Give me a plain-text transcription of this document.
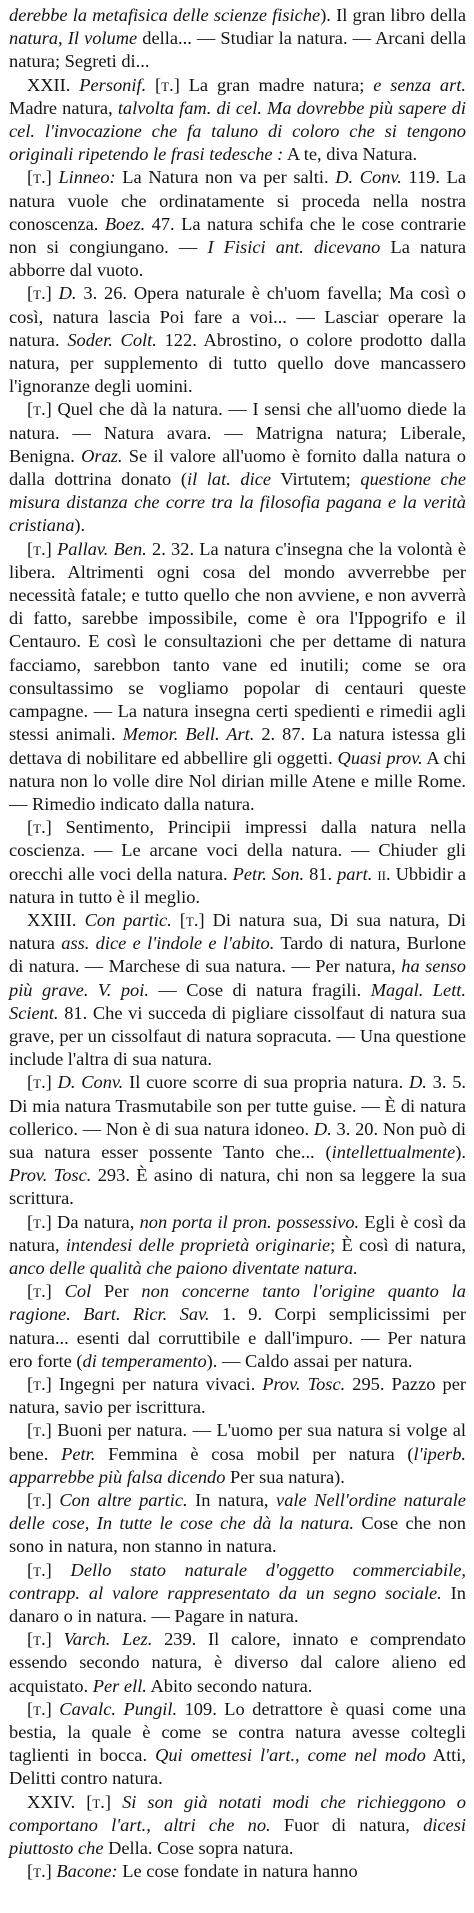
derebbe la metafisica delle scienze fisiche). Il gran libro della natura, Il volume della... — Studiar la natura. — Arcani della natura; Segreti di...

XXII. Personif. [t.] La gran madre natura; e senza art. Madre natura, talvolta fam. di cel. Ma dovrebbe più sapere di cel. l'invocazione che fa taluno di coloro che si tengono originali ripetendo le frasi tedesche : A te, diva Natura.

[t.] Linneo: La Natura non va per salti. D. Conv. 119. La natura vuole che ordinatamente si proceda nella nostra conoscenza. Boez. 47. La natura schifa che le cose contrarie non si congiungano. — I Fisici ant. dicevano La natura abborre dal vuoto.

[t.] D. 3. 26. Opera naturale è ch'uom favella; Ma così o così, natura lascia Poi fare a voi... — Lasciar operare la natura. Soder. Colt. 122. Abrostino, o colore prodotto dalla natura, per supplemento di tutto quello dove mancassero l'ignoranze degli uomini.

[t.] Quel che dà la natura. — I sensi che all'uomo diede la natura. — Natura avara. — Matrigna natura; Liberale, Benigna. Oraz. Se il valore all'uomo è fornito dalla natura o dalla dottrina donato (il lat. dice Virtutem; questione che misura distanza che corre tra la filosofia pagana e la verità cristiana).

[t.] Pallav. Ben. 2. 32. La natura c'insegna che la volontà è libera. Altrimenti ogni cosa del mondo avverrebbe per necessità fatale; e tutto quello che non avviene, e non avverrà di fatto, sarebbe impossibile, come è ora l'Ippogrifo e il Centauro. E così le consultazioni che per dettame di natura facciamo, sarebbon tanto vane ed inutili; come se ora consultassimo se vogliamo popolar di centauri queste campagne. — La natura insegna certi spedienti e rimedii agli stessi animali. Memor. Bell. Art. 2. 87. La natura istessa gli dettava di nobilitare ed abbellire gli oggetti. Quasi prov. A chi natura non lo volle dire Nol dirian mille Atene e mille Rome. — Rimedio indicato dalla natura.

[t.] Sentimento, Principii impressi dalla natura nella coscienza. — Le arcane voci della natura. — Chiuder gli orecchi alle voci della natura. Petr. Son. 81. part. ii. Ubbidir a natura in tutto è il meglio.

XXIII. Con partic. [t.] Di natura sua, Di sua natura, Di natura ass. dice e l'indole e l'abito. Tardo di natura, Burlone di natura. — Marchese di sua natura. — Per natura, ha senso più grave. V. poi. — Cose di natura fragili. Magal. Lett. Scient. 81. Che vi succeda di pigliare cissolfaut di natura sua grave, per un cissolfaut di natura sopracuta. — Una questione include l'altra di sua natura.

[t.] D. Conv. Il cuore scorre di sua propria natura. D. 3. 5. Di mia natura Trasmutabile son per tutte guise. — È di natura collerico. — Non è di sua natura idoneo. D. 3. 20. Non può di sua natura esser possente Tanto che... (intellettualmente). Prov. Tosc. 293. È asino di natura, chi non sa leggere la sua scrittura.

[t.] Da natura, non porta il pron. possessivo. Egli è così da natura, intendesi delle proprietà originarie; È così di natura, anco delle qualità che paiono diventate natura.

[t.] Col Per non concerne tanto l'origine quanto la ragione. Bart. Ricr. Sav. 1. 9. Corpi semplicissimi per natura... esenti dal corruttibile e dall'impuro. — Per natura ero forte (di temperamento). — Caldo assai per natura.

[t.] Ingegni per natura vivaci. Prov. Tosc. 295. Pazzo per natura, savio per iscrittura.

[t.] Buoni per natura. — L'uomo per sua natura si volge al bene. Petr. Femmina è cosa mobil per natura (l'iperb. apparrebbe più falsa dicendo Per sua natura).

[t.] Con altre partic. In natura, vale Nell'ordine naturale delle cose, In tutte le cose che dà la natura. Cose che non sono in natura, non stanno in natura.

[t.] Dello stato naturale d'oggetto commerciabile, contrapp. al valore rappresentato da un segno sociale. In danaro o in natura. — Pagare in natura.

[t.] Varch. Lez. 239. Il calore, innato e comprendato essendo secondo natura, è diverso dal calore alieno ed acquistato. Per ell. Abito secondo natura.

[t.] Cavalc. Pungil. 109. Lo detrattore è quasi come una bestia, la quale è come se contra natura avesse coltegli taglienti in bocca. Qui omettesi l'art., come nel modo Atti, Delitti contro natura.

XXIV. [t.] Si son già notati modi che richieggono o comportano l'art., altri che no. Fuor di natura, dicesi piuttosto che Della. Cose sopra natura.

[t.] Bacone: Le cose fondate in natura hanno
